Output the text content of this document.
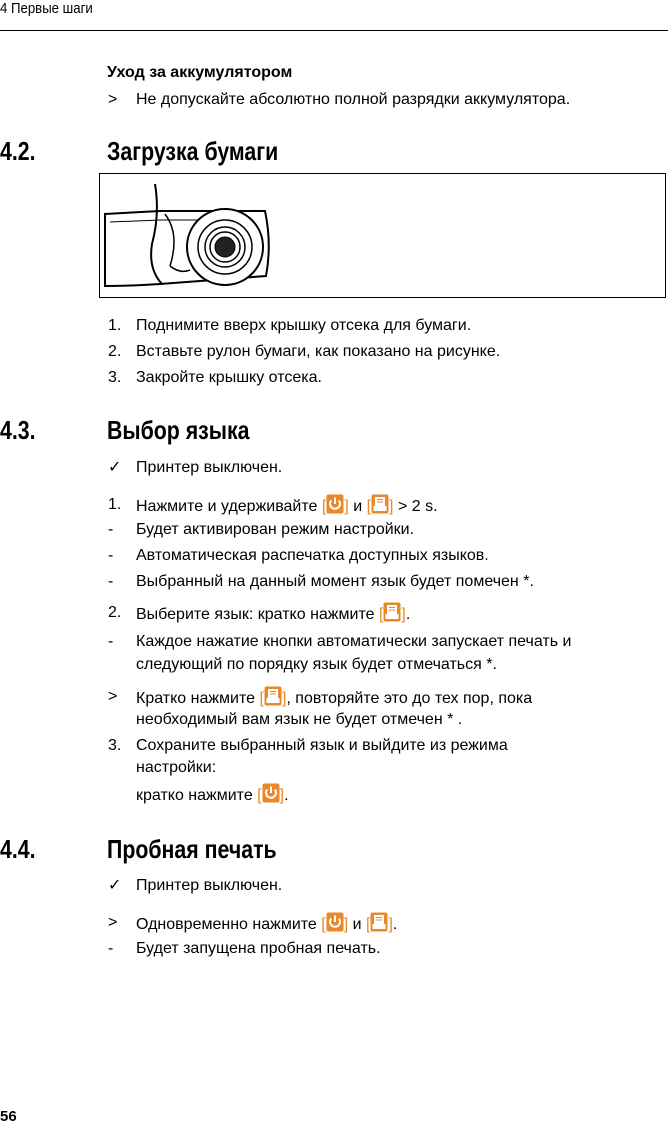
4 Первые шаги
Уход за аккумулятором
>	Не допускайте абсолютно полной разрядки аккумулятора.
4.2.	Загрузка бумаги
1. Поднимите вверх крышку отсека для бумаги.
2. Вставьте рулон бумаги, как показано на рисунке.
3. Закройте крышку отсека.
4.3.	Выбор языка
✓ Принтер выключен.
1. Нажмите и удерживайте [ ] и [ ] > 2 s.
-	Будет активирован режим настройки.
-	Автоматическая распечатка доступных языков.
-	Выбранный на данный момент язык будет помечен *.
2. Выберите язык: кратко нажмите [ ].
-	Каждое нажатие кнопки автоматически запускает печать и
следующий по порядку язык будет отмечаться *.
>	Кратко нажмите [ ], повторяйте это до тех пор, пока
необходимый вам язык не будет отмечен * .
3. Сохраните выбранный язык и выйдите из режима
настройки:
кратко нажмите [ ].
4.4.	Пробная печать
✓ Принтер выключен.
>	Одновременно нажмите [ ] и [ ].
-	Будет запущена пробная печать.
56
